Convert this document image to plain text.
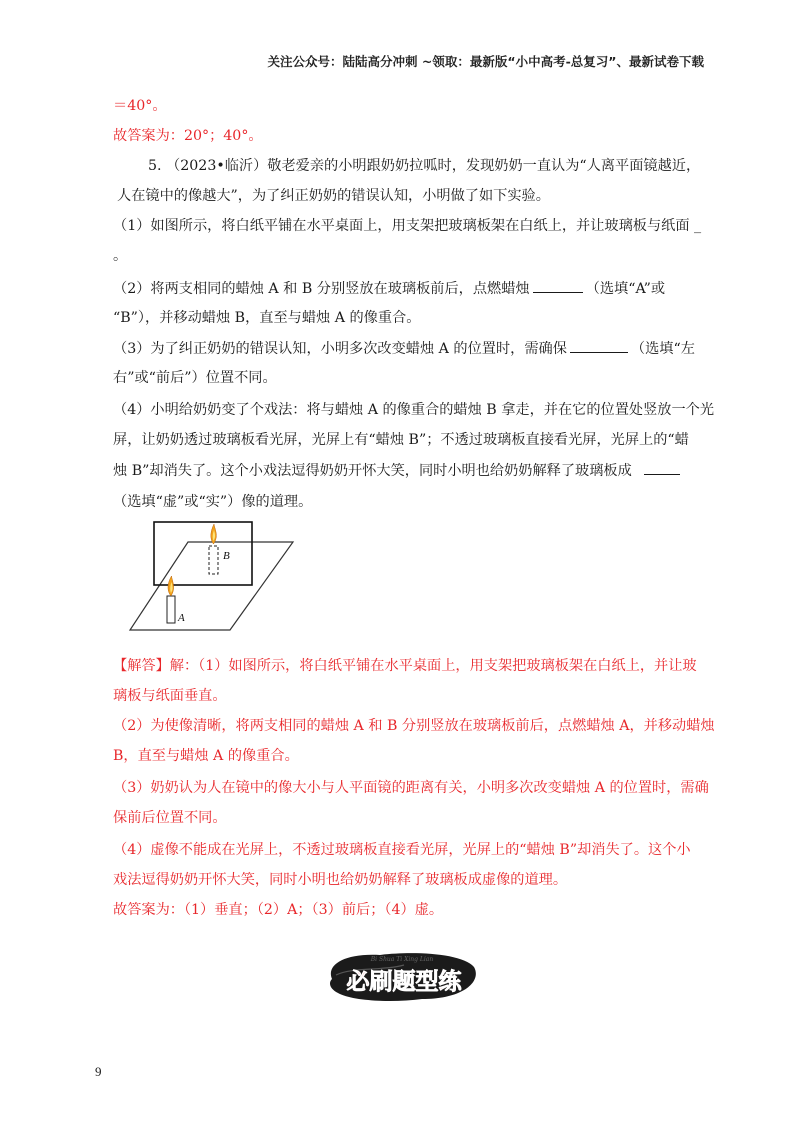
关注公众号：陆陆高分冲刺 ~领取：最新版“小中高考-总复习”、最新试卷下载
＝40°。
故答案为：20°；40°。
5. （2023•临沂）敬老爱亲的小明跟奶奶拉呱时，发现奶奶一直认为“人离平面镜越近，
人在镜中的像越大”，为了纠正奶奶的错误认知，小明做了如下实验。
（1）如图所示，将白纸平铺在水平桌面上，用支架把玻璃板架在白纸上，并让玻璃板与纸面 _
。
（2）将两支相同的蜡烛 A 和 B 分别竖放在玻璃板前后，点燃蜡烛	（选填“A”或
“B”），并移动蜡烛 B，直至与蜡烛 A 的像重合。
（3）为了纠正奶奶的错误认知，小明多次改变蜡烛 A 的位置时，需确保	（选填“左
右”或“前后”）位置不同。
（4）小明给奶奶变了个戏法：将与蜡烛 A 的像重合的蜡烛 B 拿走，并在它的位置处竖放一个光
屏，让奶奶透过玻璃板看光屏，光屏上有“蜡烛 B”；不透过玻璃板直接看光屏，光屏上的“蜡
烛 B”却消失了。这个小戏法逗得奶奶开怀大笑，同时小明也给奶奶解释了玻璃板成
（选填“虚”或“实”）像的道理。
B
A
【解答】解：（1）如图所示，将白纸平铺在水平桌面上，用支架把玻璃板架在白纸上，并让玻
璃板与纸面垂直。
（2）为使像清晰，将两支相同的蜡烛 A 和 B 分别竖放在玻璃板前后，点燃蜡烛 A，并移动蜡烛
B，直至与蜡烛 A 的像重合。
（3）奶奶认为人在镜中的像大小与人平面镜的距离有关，小明多次改变蜡烛 A 的位置时，需确
保前后位置不同。
（4）虚像不能成在光屏上，不透过玻璃板直接看光屏，光屏上的“蜡烛 B”却消失了。这个小
戏法逗得奶奶开怀大笑，同时小明也给奶奶解释了玻璃板成虚像的道理。
故答案为：（1）垂直；（2）A；（3）前后；（4）虚。
Bi Shua Ti Xing Lian
必刷题型练
9
